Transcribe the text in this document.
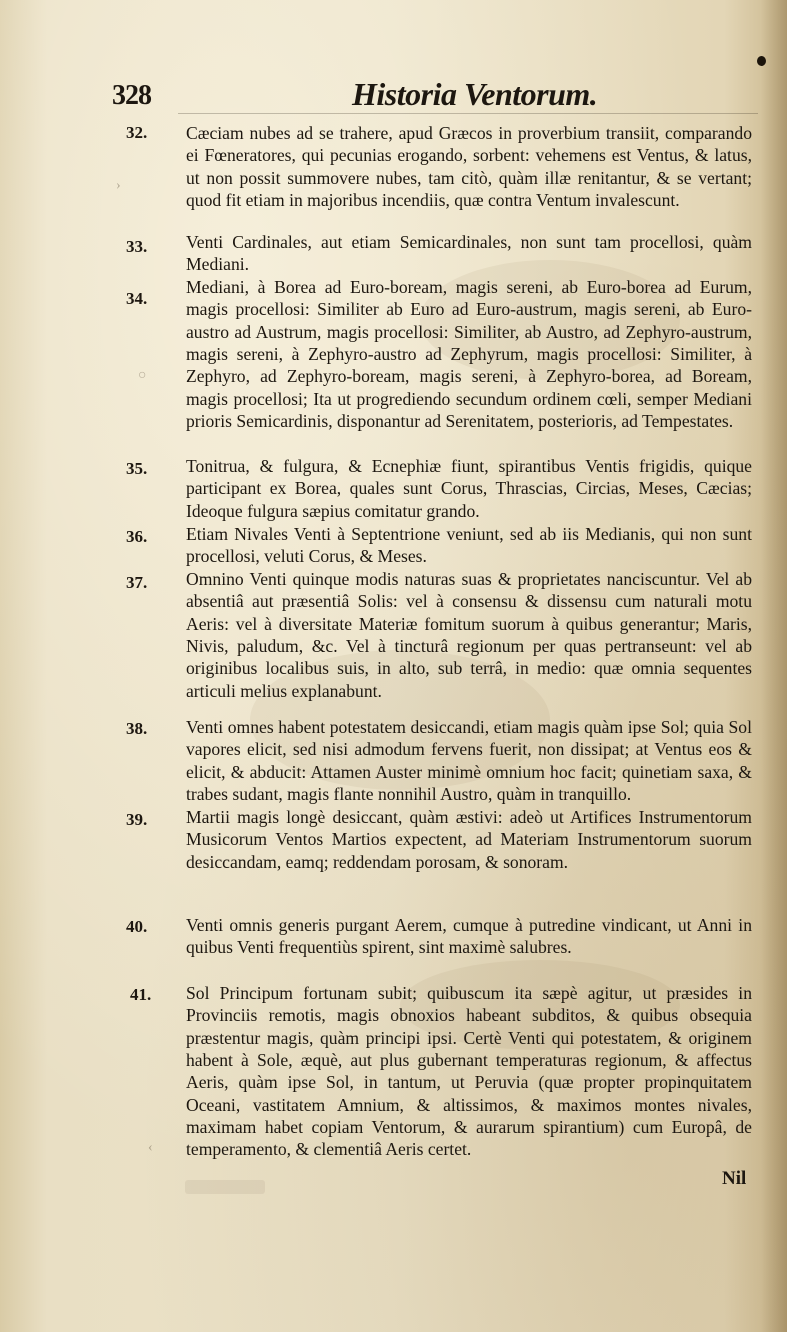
328	Historia Ventorum.
›
○
‹
32. Cæciam nubes ad se trahere, apud Græcos in proverbium transiit, comparando ei Fœneratores, qui pecunias erogando, sorbent: vehemens est Ventus, & latus, ut non possit summovere nubes, tam citò, quàm illæ renitantur, & se vertant; quod fit etiam in majoribus incendiis, quæ contra Ventum invalescunt.
33. Venti Cardinales, aut etiam Semicardinales, non sunt tam procellosi, quàm Mediani.
34.
Mediani, à Borea ad Euro-boream, magis sereni, ab Euro-borea ad Eurum, magis procellosi: Similiter ab Euro ad Euro-austrum, magis sereni, ab Euro-austro ad Austrum, magis procellosi: Similiter, ab Austro, ad Zephyro-austrum, magis sereni, à Zephyro-austro ad Zephyrum, magis procellosi: Similiter, à Zephyro, ad Zephyro-boream, magis sereni, à Zephyro-borea, ad Boream, magis procellosi; Ita ut progrediendo secundum ordinem cœli, semper Mediani prioris Semicardinis, disponantur ad Serenitatem, posterioris, ad Tempestates.
35. Tonitrua, & fulgura, & Ecnephiæ fiunt, spirantibus Ventis frigidis, quique participant ex Borea, quales sunt Corus, Thrascias, Circias, Meses, Cæcias; Ideoque fulgura sæpius comitatur grando.
36. Etiam Nivales Venti à Septentrione veniunt, sed ab iis Medianis, qui non sunt procellosi, veluti Corus, & Meses.
37. Omnino Venti quinque modis naturas suas & proprietates nanciscuntur. Vel ab absentiâ aut præsentiâ Solis: vel à consensu & dissensu cum naturali motu Aeris: vel à diversitate Materiæ fomitum suorum à quibus generantur; Maris, Nivis, paludum, &c. Vel à tincturâ regionum per quas pertranseunt: vel ab originibus localibus suis, in alto, sub terrâ, in medio: quæ omnia sequentes articuli melius explanabunt.
38. Venti omnes habent potestatem desiccandi, etiam magis quàm ipse Sol; quia Sol vapores elicit, sed nisi admodum fervens fuerit, non dissipat; at Ventus eos & elicit, & abducit: Attamen Auster minimè omnium hoc facit; quinetiam saxa, & trabes sudant, magis flante nonnihil Austro, quàm in tranquillo.
39. Martii magis longè desiccant, quàm æstivi: adeò ut Artifices Instrumentorum Musicorum Ventos Martios expectent, ad Materiam Instrumentorum suorum desiccandam, eamq; reddendam porosam, & sonoram.
40. Venti omnis generis purgant Aerem, cumque à putredine vindicant, ut Anni in quibus Venti frequentiùs spirent, sint maximè salubres.
41. Sol Principum fortunam subit; quibuscum ita sæpè agitur, ut præsides in Provinciis remotis, magis obnoxios habeant subditos, & quibus obsequia præstentur magis, quàm principi ipsi. Certè Venti qui potestatem, & originem habent à Sole, æquè, aut plus gubernant temperaturas regionum, & affectus Aeris, quàm ipse Sol, in tantum, ut Peruvia (quæ propter propinquitatem Oceani, vastitatem Amnium, & altissimos, & maximos montes nivales, maximam habet copiam Ventorum, & aurarum spirantium) cum Europâ, de temperamento, & clementiâ Aeris certet.
Nil
